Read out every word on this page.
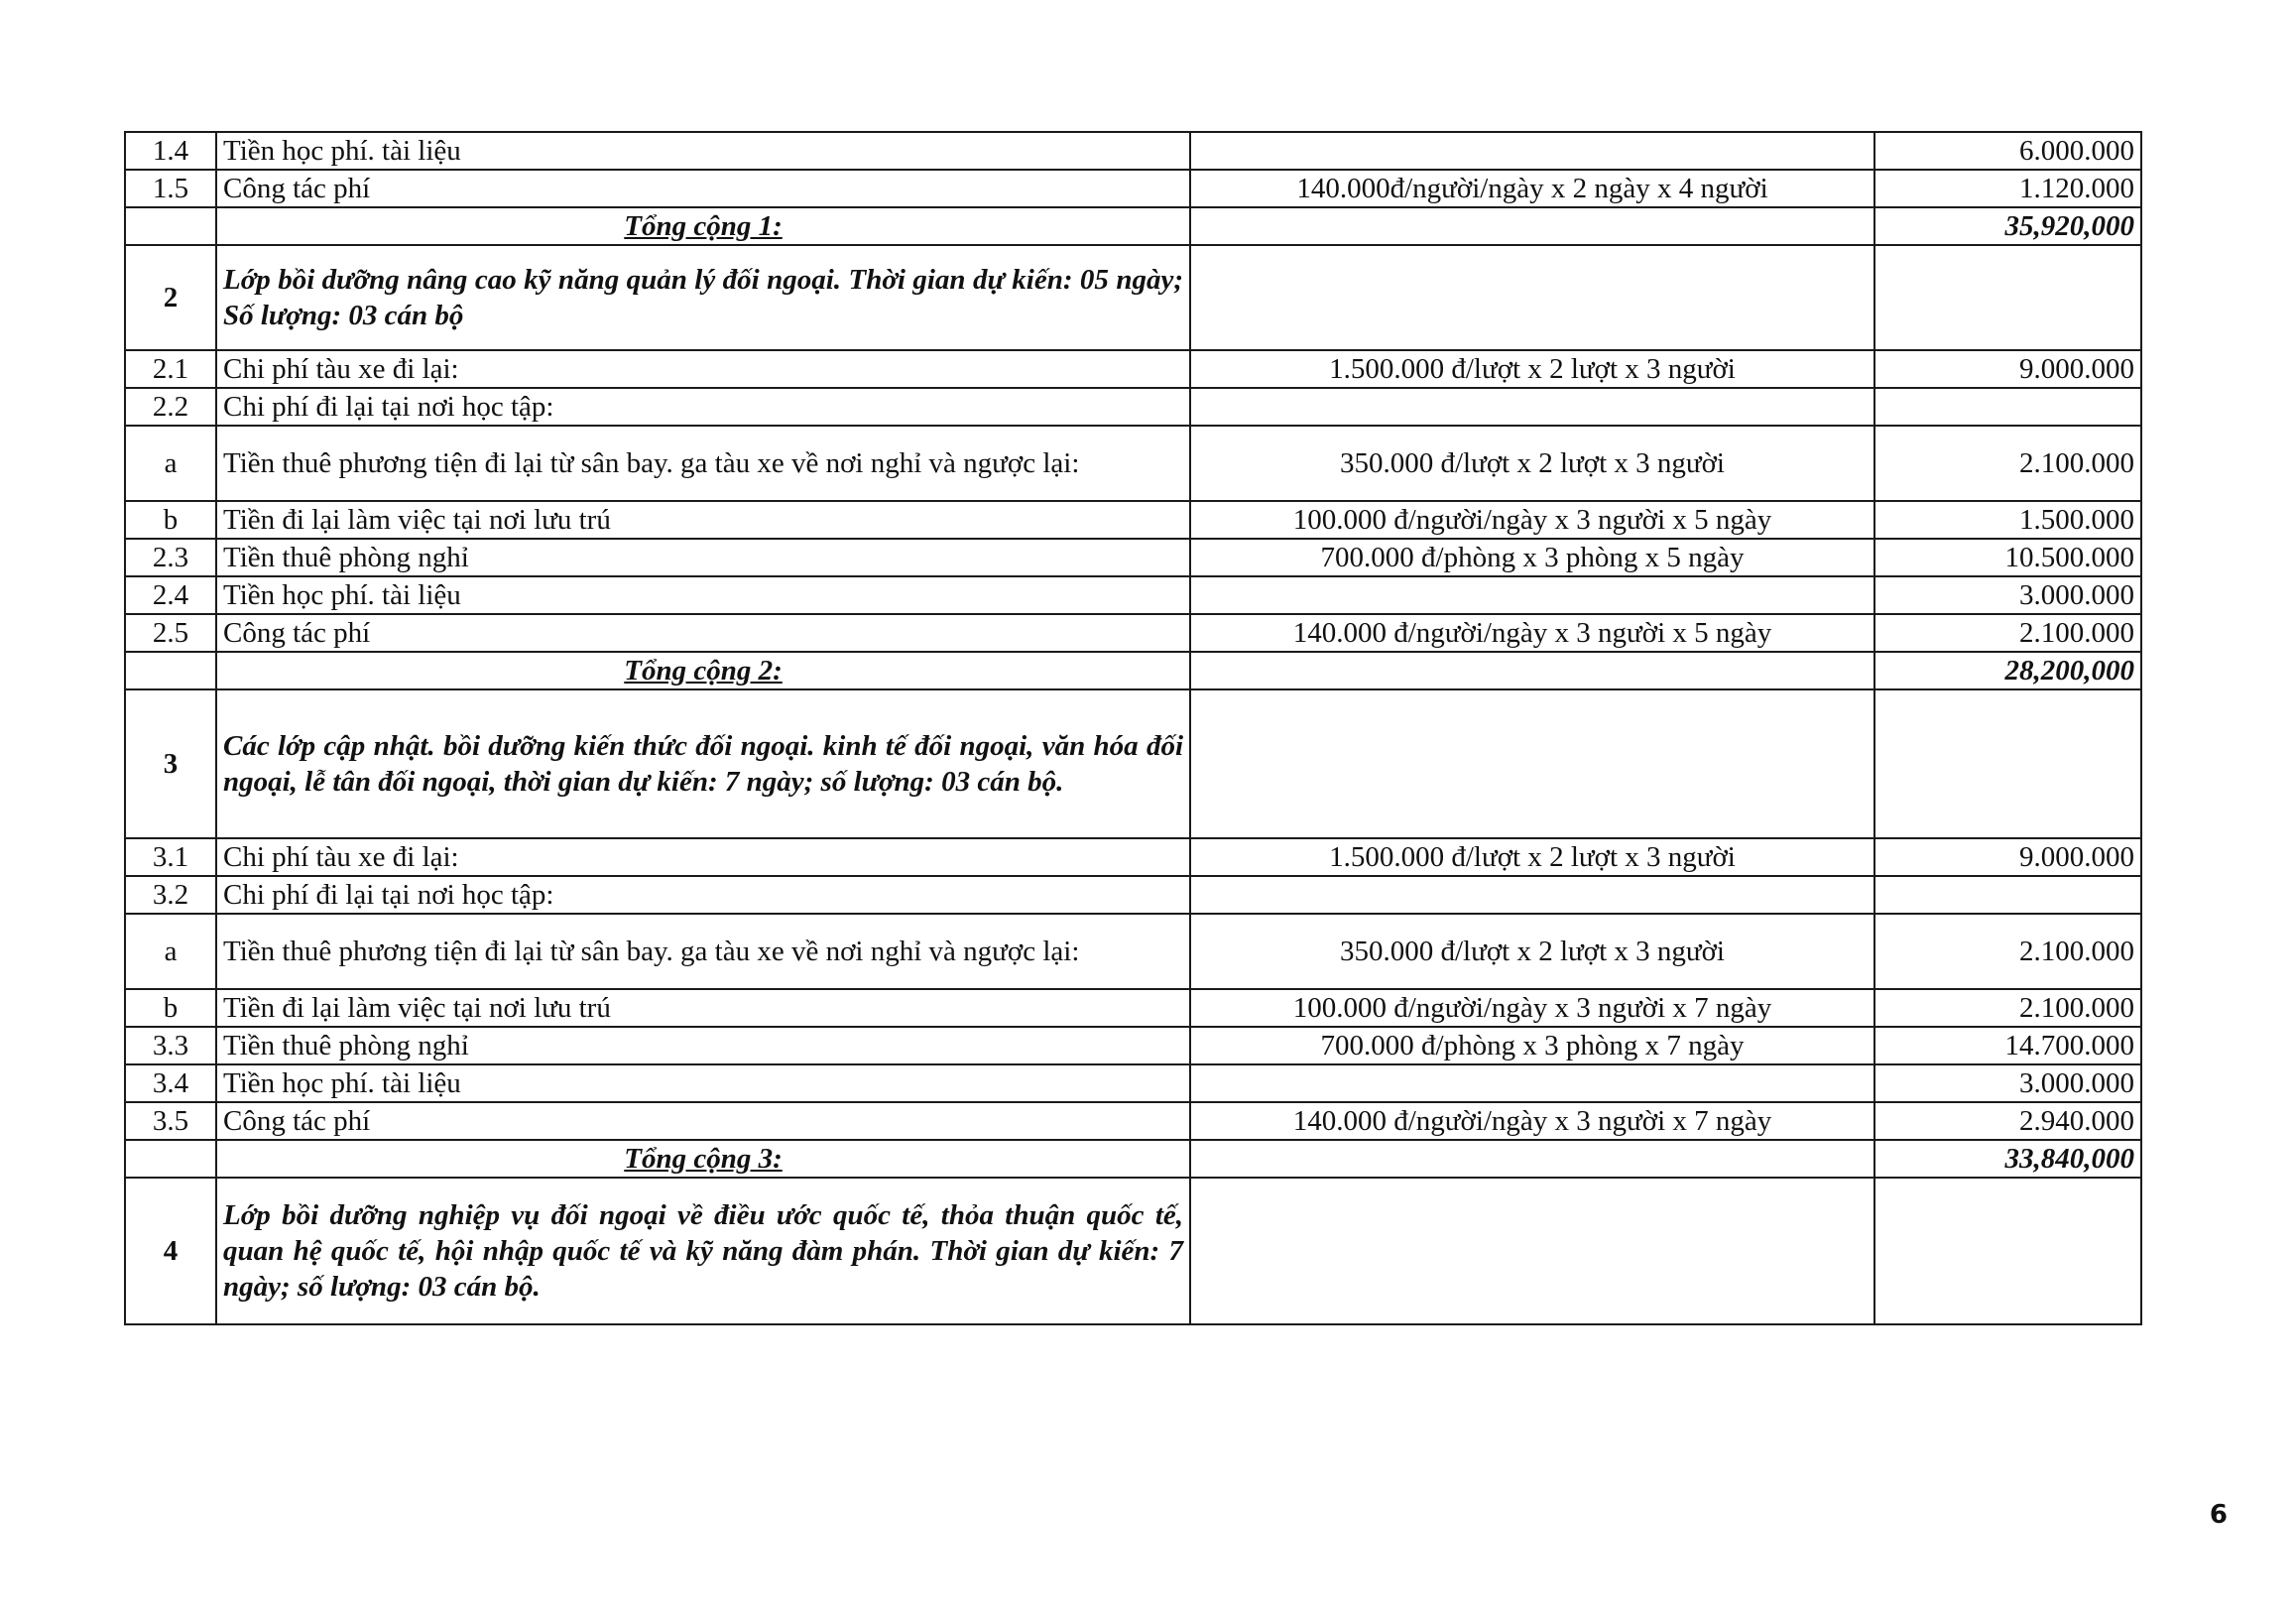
1.4	Tiền học phí. tài liệu		6.000.000
1.5	Công tác phí	140.000đ/người/ngày x 2 ngày x 4 người	1.120.000
	Tổng cộng 1:		35,920,000
2	Lớp bồi dưỡng nâng cao kỹ năng quản lý đối ngoại. Thời gian dự kiến: 05 ngày; Số lượng: 03 cán bộ		
2.1	Chi phí tàu xe đi lại:	1.500.000 đ/lượt x 2 lượt x 3 người	9.000.000
2.2	Chi phí đi lại tại nơi học tập:		
a	Tiền thuê phương tiện đi lại từ sân bay. ga tàu xe về nơi nghỉ và ngược lại:	350.000 đ/lượt x 2 lượt x 3 người	2.100.000
b	Tiền đi lại làm việc tại nơi lưu trú	100.000 đ/người/ngày x 3 người x 5 ngày	1.500.000
2.3	Tiền thuê phòng nghỉ	700.000 đ/phòng x 3 phòng x 5 ngày	10.500.000
2.4	Tiền học phí. tài liệu		3.000.000
2.5	Công tác phí	140.000 đ/người/ngày x 3 người x 5 ngày	2.100.000
	Tổng cộng 2:		28,200,000
3	Các lớp cập nhật. bồi dưỡng kiến thức đối ngoại. kinh tế đối ngoại, văn hóa đối ngoại, lễ tân đối ngoại, thời gian dự kiến: 7 ngày; số lượng: 03 cán bộ.		
3.1	Chi phí tàu xe đi lại:	1.500.000 đ/lượt x 2 lượt x 3 người	9.000.000
3.2	Chi phí đi lại tại nơi học tập:		
a	Tiền thuê phương tiện đi lại từ sân bay. ga tàu xe về nơi nghỉ và ngược lại:	350.000 đ/lượt x 2 lượt x 3 người	2.100.000
b	Tiền đi lại làm việc tại nơi lưu trú	100.000 đ/người/ngày x 3 người x 7 ngày	2.100.000
3.3	Tiền thuê phòng nghỉ	700.000 đ/phòng x 3 phòng x 7 ngày	14.700.000
3.4	Tiền học phí. tài liệu		3.000.000
3.5	Công tác phí	140.000 đ/người/ngày x 3 người x 7 ngày	2.940.000
	Tổng cộng 3:		33,840,000
4	Lớp bồi dưỡng nghiệp vụ đối ngoại về điều ước quốc tế, thỏa thuận quốc tế, quan hệ quốc tế, hội nhập quốc tế và kỹ năng đàm phán. Thời gian dự kiến: 7 ngày; số lượng: 03 cán bộ.		
6
